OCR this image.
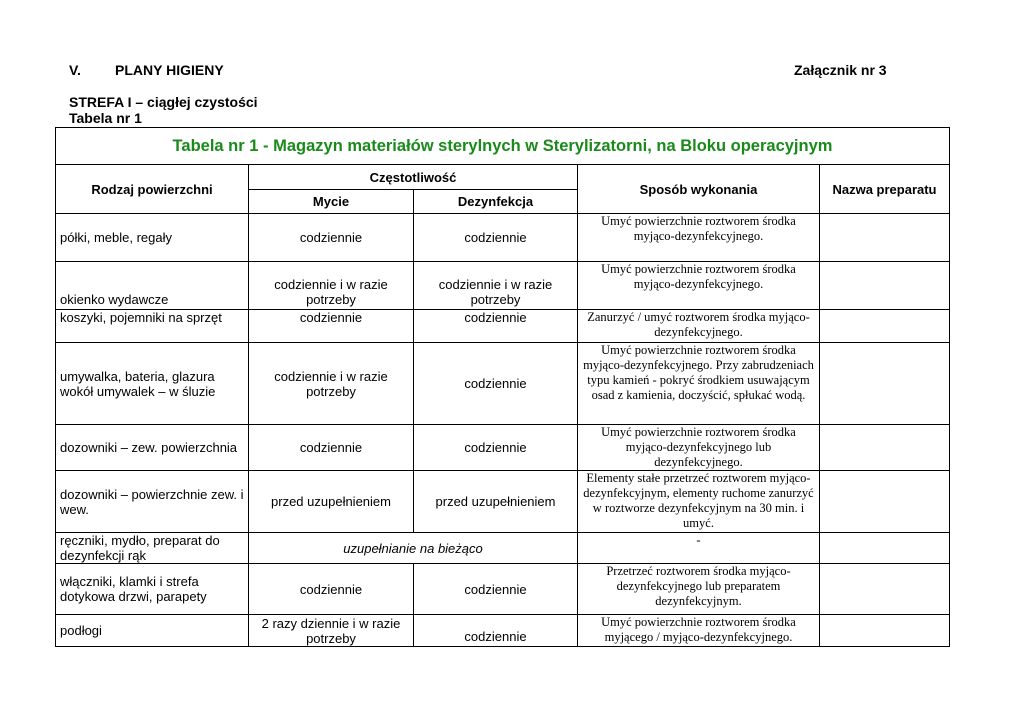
V. PLANY HIGIENY	Załącznik nr 3
STREFA I – ciągłej czystości
Tabela nr 1
Tabela nr 1 - Magazyn materiałów sterylnych w Sterylizatorni, na Bloku operacyjnym				
Rodzaj powierzchni	Częstotliwość		Sposób wykonania	Nazwa preparatu
	Mycie	Dezynfekcja		
półki, meble, regały	codziennie	codziennie	Umyć powierzchnie roztworem środka myjąco-dezynfekcyjnego.	
okienko wydawcze	codziennie i w razie potrzeby	codziennie i w razie potrzeby	Umyć powierzchnie roztworem środka myjąco-dezynfekcyjnego.	
koszyki, pojemniki na sprzęt	codziennie	codziennie	Zanurzyć / umyć roztworem środka myjąco- dezynfekcyjnego.	
umywalka, bateria, glazura wokół umywalek – w śluzie	codziennie i w razie potrzeby	codziennie	Umyć powierzchnie roztworem środka myjąco-dezynfekcyjnego. Przy zabrudzeniach typu kamień - pokryć środkiem usuwającym osad z kamienia, doczyścić, spłukać wodą.	
dozowniki – zew. powierzchnia	codziennie	codziennie	Umyć powierzchnie roztworem środka myjąco-dezynfekcyjnego lub dezynfekcyjnego.	
dozowniki – powierzchnie zew. i wew.	przed uzupełnieniem	przed uzupełnieniem	Elementy stałe przetrzeć roztworem myjąco-dezynfekcyjnym, elementy ruchome zanurzyć w roztworze dezynfekcyjnym na 30 min. i umyć.	
ręczniki, mydło, preparat do dezynfekcji rąk	uzupełnianie na bieżąco		-	
włączniki, klamki i strefa dotykowa drzwi, parapety	codziennie	codziennie	Przetrzeć roztworem środka myjąco-dezynfekcyjnego lub preparatem dezynfekcyjnym.	
podłogi	2 razy dziennie i w razie potrzeby	codziennie	Umyć powierzchnie roztworem środka myjącego / myjąco-dezynfekcyjnego.	
